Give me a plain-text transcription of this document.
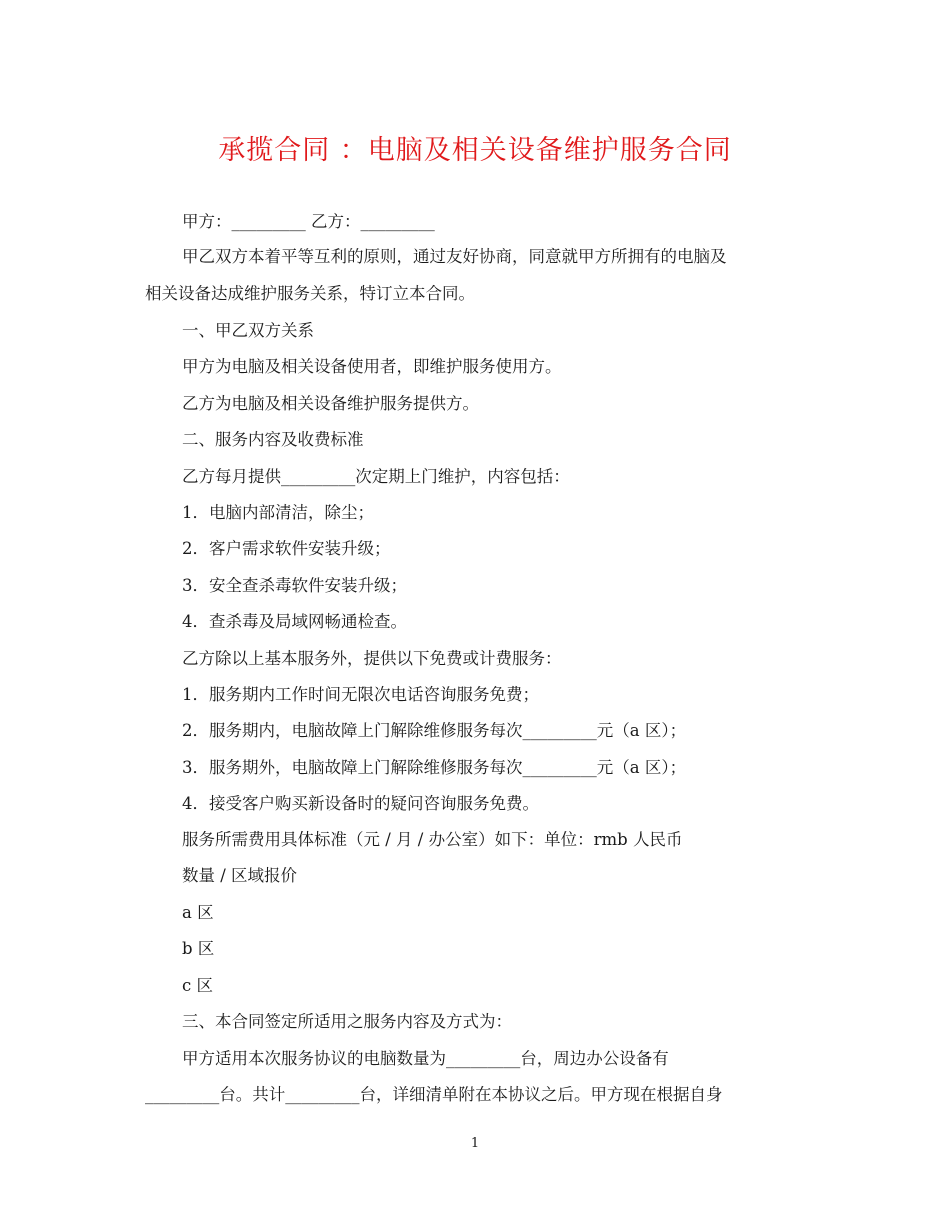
承揽合同 ：电脑及相关设备维护服务合同
甲方：_________ 乙方：_________
甲乙双方本着平等互利的原则，通过友好协商，同意就甲方所拥有的电脑及
相关设备达成维护服务关系，特订立本合同。
一、甲乙双方关系
甲方为电脑及相关设备使用者，即维护服务使用方。
乙方为电脑及相关设备维护服务提供方。
二、服务内容及收费标准
乙方每月提供_________次定期上门维护，内容包括：
1．电脑内部清洁，除尘；
2．客户需求软件安装升级；
3．安全查杀毒软件安装升级；
4．查杀毒及局域网畅通检查。
乙方除以上基本服务外，提供以下免费或计费服务：
1．服务期内工作时间无限次电话咨询服务免费；
2．服务期内，电脑故障上门解除维修服务每次_________元（a 区）；
3．服务期外，电脑故障上门解除维修服务每次_________元（a 区）；
4．接受客户购买新设备时的疑问咨询服务免费。
服务所需费用具体标准（元 / 月 / 办公室）如下：单位：rmb 人民币
数量 / 区域报价
a 区
b 区
c 区
三、本合同签定所适用之服务内容及方式为：
甲方适用本次服务协议的电脑数量为_________台，周边办公设备有
_________台。共计_________台，详细清单附在本协议之后。甲方现在根据自身
1
